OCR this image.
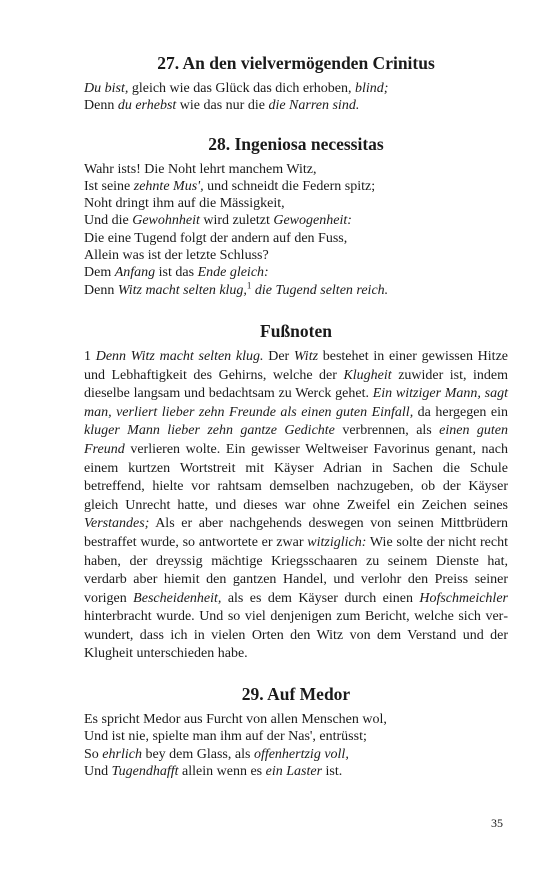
27. An den vielvermögenden Crinitus
Du bist, gleich wie das Glück das dich erhoben, blind;
Denn du erhebst wie das nur die die Narren sind.
28. Ingeniosa necessitas
Wahr ists! Die Noht lehrt manchem Witz,
Ist seine zehnte Mus', und schneidt die Federn spitz;
Noht dringt ihm auf die Mässigkeit,
Und die Gewohnheit wird zuletzt Gewogenheit:
Die eine Tugend folgt der andern auf den Fuss,
Allein was ist der letzte Schluss?
Dem Anfang ist das Ende gleich:
Denn Witz macht selten klug,$^1$ die Tugend selten reich.
Fußnoten
1 Denn Witz macht selten klug. Der Witz bestehet in einer gewissen Hitze und Lebhaftigkeit des Gehirns, welche der Klugheit zuwider ist, indem dieselbe langsam und bedachtsam zu Werck gehet. Ein witziger Mann, sagt man, verliert lieber zehn Freunde als einen guten Einfall, da hergegen ein kluger Mann lieber zehn gantze Gedichte verbrennen, als einen guten Freund verlieren wolte. Ein gewisser Weltweiser Favorinus genant, nach einem kurtzen Wortstreit mit Käyser Adrian in Sachen die Schule betreffend, hielte vor rahtsam demselben nachzugeben, ob der Käyser gleich Unrecht hatte, und dieses war ohne Zweifel ein Zeichen seines Verstandes; Als er aber nachgehends deswegen von seinen Mittbrüdern bestraffet wurde, so antwortete er zwar witziglich: Wie solte der nicht recht haben, der dreyssig mächtige Kriegsschaaren zu seinem Dienste hat, verdarb aber hiemit den gantzen Handel, und verlohr den Preiss seiner vorigen Bescheidenheit, als es dem Käyser durch einen Hofschmeichler hinterbracht wurde. Und so viel denjenigen zum Bericht, welche sich verwundert, dass ich in vielen Orten den Witz von dem Verstand und der Klugheit unterschieden habe.
29. Auf Medor
Es spricht Medor aus Furcht von allen Menschen wol,
Und ist nie, spielte man ihm auf der Nas', entrüsst;
So ehrlich bey dem Glass, als offenhertzig voll,
Und Tugendhafft allein wenn es ein Laster ist.
35
